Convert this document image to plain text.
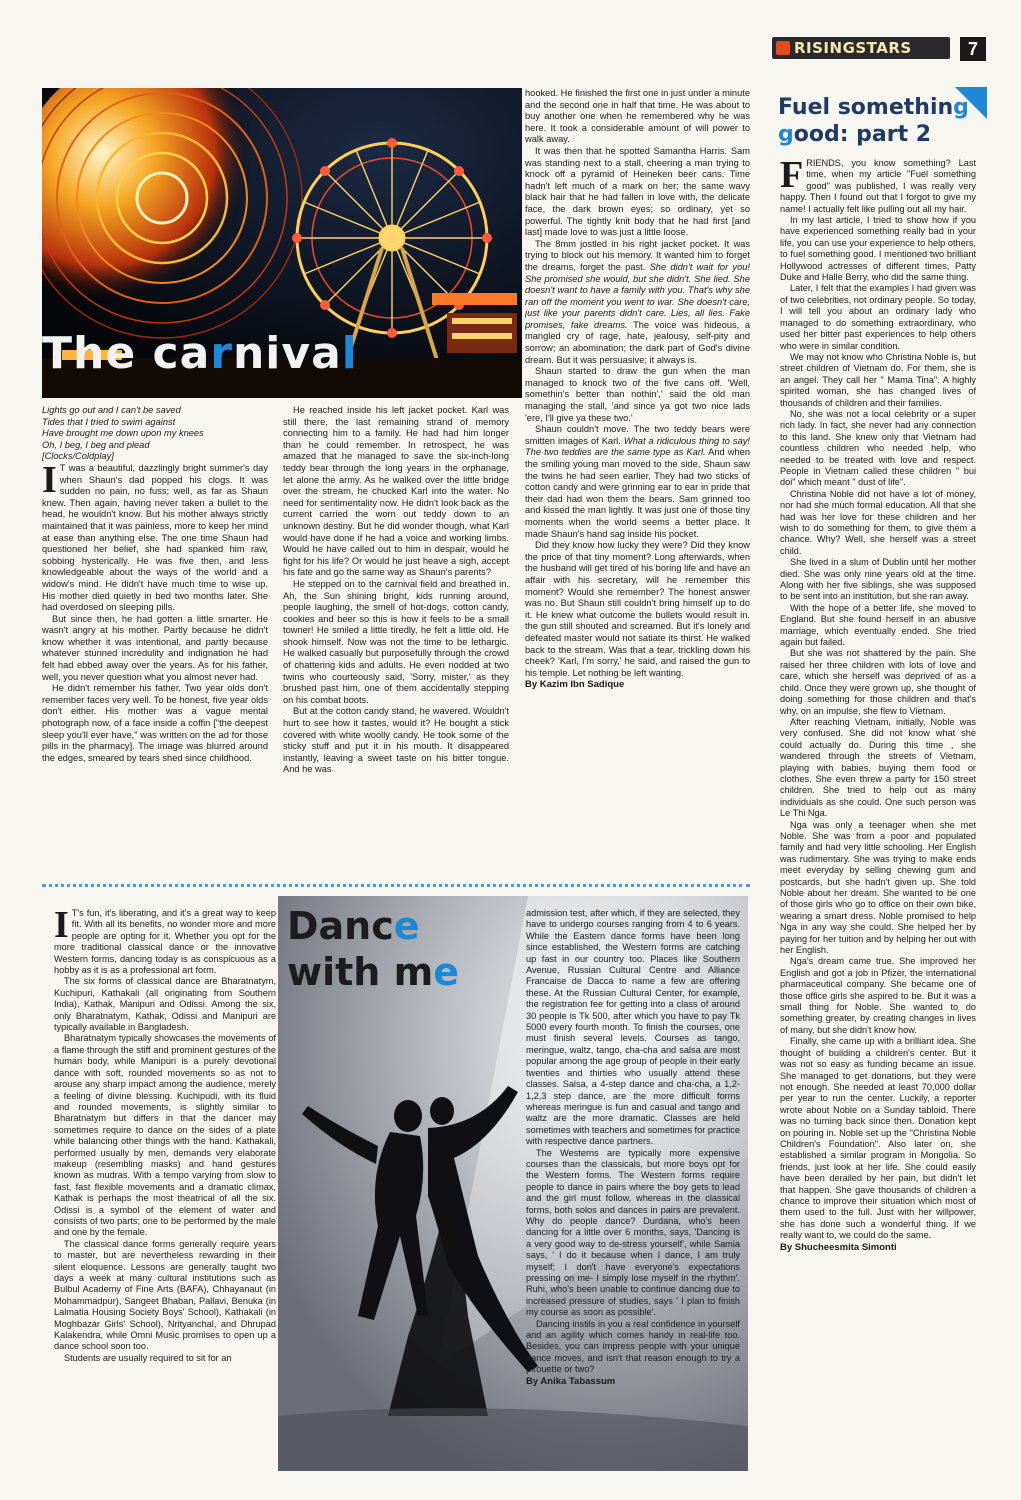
RISINGSTARS	7
The carnival
Lights go out and I can't be saved
Tides that I tried to swim against
Have brought me down upon my knees
Oh, I beg, I beg and plead
[Clocks/Coldplay]
I T was a beautiful, dazzlingly bright summer's day when Shaun's dad popped his clogs. It was sudden no pain, no fuss; well, as far as Shaun knew. Then again, having never taken a bullet to the head, he wouldn't know. But his mother always strictly maintained that it was painless, more to keep her mind at ease than anything else. The one time Shaun had questioned her belief, she had spanked him raw, sobbing hysterically. He was five then, and less knowledgeable about the ways of the world and a widow's mind. He didn't have much time to wise up. His mother died quietly in bed two months later. She had overdosed on sleeping pills.

But since then, he had gotten a little smarter. He wasn't angry at his mother. Partly because he didn't know whether it was intentional, and partly because whatever stunned incredulity and indignation he had felt had ebbed away over the years. As for his father, well, you never question what you almost never had.

He didn't remember his father. Two year olds don't remember faces very well. To be honest, five year olds don't either. His mother was a vague mental photograph now, of a face inside a coffin ["the deepest sleep you'll ever have," was written on the ad for those pills in the pharmacy]. The image was blurred around the edges, smeared by tears shed since childhood.

He reached inside his left jacket pocket. Karl was still there, the last remaining strand of memory connecting him to a family. He had had him longer than he could remember. In retrospect, he was amazed that he managed to save the six-inch-long teddy bear through the long years in the orphanage, let alone the army. As he walked over the little bridge over the stream, he chucked Karl into the water. No need for sentimentality now. He didn't look back as the current carried the worn out teddy down to an unknown destiny. But he did wonder though, what Karl would have done if he had a voice and working limbs. Would he have called out to him in despair, would he fight for his life? Or would he just heave a sigh, accept his fate and go the same way as Shaun's parents?

He stepped on to the carnival field and breathed in. Ah, the Sun shining bright, kids running around, people laughing, the smell of hot-dogs, cotton candy, cookies and beer so this is how it feels to be a small towner! He smiled a little tiredly, he felt a little old. He shook himself. Now was not the time to be lethargic. He walked casually but purposefully through the crowd of chattering kids and adults. He even nodded at two twins who courteously said, 'Sorry, mister,' as they brushed past him, one of them accidentally stepping on his combat boots.

But at the cotton candy stand, he wavered. Wouldn't hurt to see how it tastes, would it? He bought a stick covered with white woolly candy. He took some of the sticky stuff and put it in his mouth. It disappeared instantly, leaving a sweet taste on his bitter tongue. And he was

hooked. He finished the first one in just under a minute and the second one in half that time. He was about to buy another one when he remembered why he was here. It took a considerable amount of will power to walk away.

It was then that he spotted Samantha Harris. Sam was standing next to a stall, cheering a man trying to knock off a pyramid of Heineken beer cans. Time hadn't left much of a mark on her; the same wavy black hair that he had fallen in love with, the delicate face, the dark brown eyes; so ordinary, yet so powerful. The tightly knit body that he had first [and last] made love to was just a little loose.

The 8mm jostled in his right jacket pocket. It was trying to block out his memory. It wanted him to forget the dreams, forget the past. She didn't wait for you! She promised she would, but she didn't. She lied. She doesn't want to have a family with you. That's why she ran off the moment you went to war. She doesn't care, just like your parents didn't care. Lies, all lies. Fake promises, fake dreams. The voice was hideous, a mangled cry of rage, hate, jealousy, self-pity and sorrow; an abomination; the dark part of God's divine dream. But it was persuasive; it always is.

Shaun started to draw the gun when the man managed to knock two of the five cans off. 'Well, somethin's better than nothin',' said the old man managing the stall, 'and since ya got two nice lads 'ere, I'll give ya these two.'

Shaun couldn't move. The two teddy bears were smitten images of Karl. What a ridiculous thing to say! The two teddies are the same type as Karl. And when the smiling young man moved to the side, Shaun saw the twins he had seen earlier. They had two sticks of cotton candy and were grinning ear to ear in pride that their dad had won them the bears. Sam grinned too and kissed the man lightly. It was just one of those tiny moments when the world seems a better place. It made Shaun's hand sag inside his pocket.

Did they know how lucky they were? Did they know the price of that tiny moment? Long afterwards, when the husband will get tired of his boring life and have an affair with his secretary, will he remember this moment? Would she remember? The honest answer was no. But Shaun still couldn't bring himself up to do it. He knew what outcome the bullets would result in. the gun still shouted and screamed. But it's lonely and defeated master would not satiate its thirst. He walked back to the stream. Was that a tear, trickling down his cheek? 'Karl, I'm sorry,' he said, and raised the gun to his temple. Let nothing be left wanting.

By Kazim Ibn Sadique

Fuel something
good: part 2
F RIENDS, you know something? Last time, when my article "Fuel something good" was published, I was really very happy. Then I found out that I forgot to give my name! I actually felt like pulling out all my hair.

In my last article, I tried to show how if you have experienced something really bad in your life, you can use your experience to help others, to fuel something good. I mentioned two brilliant Hollywood actresses of different times, Patty Duke and Halle Berry, who did the same thing.

Later, I felt that the examples I had given was of two celebrities, not ordinary people. So today, I will tell you about an ordinary lady who managed to do something extraordinary, who used her bitter past experiences to help others who were in similar condition.

We may not know who Christina Noble is, but street children of Vietnam do. For them, she is an angel. They call her " Mama Tina". A highly spirited woman, she has changed lives of thousands of children and their families.

No, she was not a local celebrity or a super rich lady. In fact, she never had any connection to this land. She knew only that Vietnam had countless children who needed help, who needed to be treated with love and respect. People in Vietnam called these children " bui doi" which meant " dust of life".

Christina Noble did not have a lot of money, nor had she much formal education. All that she had was her love for these children and her wish to do something for them, to give them a chance. Why? Well, she herself was a street child.

She lived in a slum of Dublin until her mother died. She was only nine years old at the time. Along with her five siblings, she was supposed to be sent into an institution, but she ran away.

With the hope of a better life, she moved to England. But she found herself in an abusive marriage, which eventually ended. She tried again but failed.

But she was not shattered by the pain. She raised her three children with lots of love and care, which she herself was deprived of as a child. Once they were grown up, she thought of doing something for those children and that's why, on an impulse, she flew to Vietnam.

After reaching Vietnam, initially, Noble was very confused. She did not know what she could actually do. During this time , she wandered through the streets of Vietnam, playing with babies, buying them food or clothes. She even threw a party for 150 street children. She tried to help out as many individuals as she could. One such person was Le Thi Nga.

Nga was only a teenager when she met Noble. She was from a poor and populated family and had very little schooling. Her English was rudimentary. She was trying to make ends meet everyday by selling chewing gum and postcards, but she hadn't given up. She told Noble about her dream. She wanted to be one of those girls who go to office on their own bike, wearing a smart dress. Noble promised to help Nga in any way she could. She helped her by paying for her tuition and by helping her out with her English.

Nga's dream came true. She improved her English and got a job in Pfizer, the international pharmaceutical company. She became one of those office girls she aspired to be. But it was a small thing for Noble. She wanted to do something greater, by creating changes in lives of many, but she didn't know how.

Finally, she came up with a brilliant idea. She thought of building a children's center. But it was not so easy as funding became an issue. She managed to get donations, but they were not enough. She needed at least 70,000 dollar per year to run the center. Luckily, a reporter wrote about Noble on a Sunday tabloid. There was no turning back since then. Donation kept on pouring in. Noble set up the "Christina Noble Children's Foundation". Also later on, she established a similar program in Mongolia. So friends, just look at her life. She could easily have been derailed by her pain, but didn't let that happen. She gave thousands of children a chance to improve their situation which most of them used to the full. Just with her willpower, she has done such a wonderful thing. If we really want to, we could do the same.

By Shucheesmita Simonti

Dance
with me
I T's fun, it's liberating, and it's a great way to keep fit. With all its benefits, no wonder more and more people are opting for it. Whether you opt for the more traditional classical dance or the innovative Western forms, dancing today is as conspicuous as a hobby as it is as a professional art form.

The six forms of classical dance are Bharatnatym, Kuchipuri, Kathakali (all originating from Southern India), Kathak, Manipuri and Odissi. Among the six, only Bharatnatym, Kathak, Odissi and Manipuri are typically available in Bangladesh.

Bharatnatym typically showcases the movements of a flame through the stiff and prominent gestures of the human body, while Manipuri is a purely devotional dance with soft, rounded movements so as not to arouse any sharp impact among the audience, merely a feeling of divine blessing. Kuchipudi, with its fluid and rounded movements, is slightly similar to Bharatnatym but differs in that the dancer may sometimes require to dance on the sides of a plate while balancing other things with the hand. Kathakali, performed usually by men, demands very elaborate makeup (resembling masks) and hand gestures known as mudras. With a tempo varying from slow to fast, fast flexible movements and a dramatic climax, Kathak is perhaps the most theatrical of all the six. Odissi is a symbol of the element of water and consists of two parts; one to be performed by the male and one by the female.

The classical dance forms generally require years to master, but are nevertheless rewarding in their silent eloquence. Lessons are generally taught two days a week at many cultural institutions such as Bulbul Academy of Fine Arts (BAFA), Chhayanaut (in Mohammadpur), Sangeet Bhaban, Pallavi, Benuka (in Lalmatia Housing Society Boys' School), Kathakali (in Moghbazar Girls' School), Nrityanchal, and Dhrupad Kalakendra, while Omni Music promises to open up a dance school soon too.

Students are usually required to sit for an

admission test, after which, if they are selected, they have to undergo courses ranging from 4 to 6 years. While the Eastern dance forms have been long since established, the Western forms are catching up fast in our country too. Places like Southern Avenue, Russian Cultural Centre and Alliance Francaise de Dacca to name a few are offering these. At the Russian Cultural Center, for example, the registration fee for getting into a class of around 30 people is Tk 500, after which you have to pay Tk 5000 every fourth month. To finish the courses, one must finish several levels. Courses as tango, meringue, waltz, tango, cha-cha and salsa are most popular among the age group of people in their early twenties and thirties who usually attend these classes. Salsa, a 4-step dance and cha-cha, a 1,2-1,2,3 step dance, are the more difficult forms whereas meringue is fun and casual and tango and waltz are the more dramatic. Classes are held sometimes with teachers and sometimes for practice with respective dance partners.

The Westerns are typically more expensive courses than the classicals, but more boys opt for the Western forms. The Western forms require people to dance in pairs where the boy gets to lead and the girl must follow, whereas in the classical forms, both solos and dances in pairs are prevalent. Why do people dance? Durdana, who's been dancing for a little over 6 months, says, 'Dancing is a very good way to de-stress yourself', while Samia says, ' I do it because when I dance, I am truly myself; I don't have everyone's expectations pressing on me- I simply lose myself in the rhythm'. Ruhi, who's been unable to continue dancing due to increased pressure of studies, says ' I plan to finish my course as soon as possible'.

Dancing instils in you a real confidence in yourself and an agility which comes handy in real-life too. Besides, you can impress people with your unique dance moves, and isn't that reason enough to try a pirouette or two?

By Anika Tabassum
